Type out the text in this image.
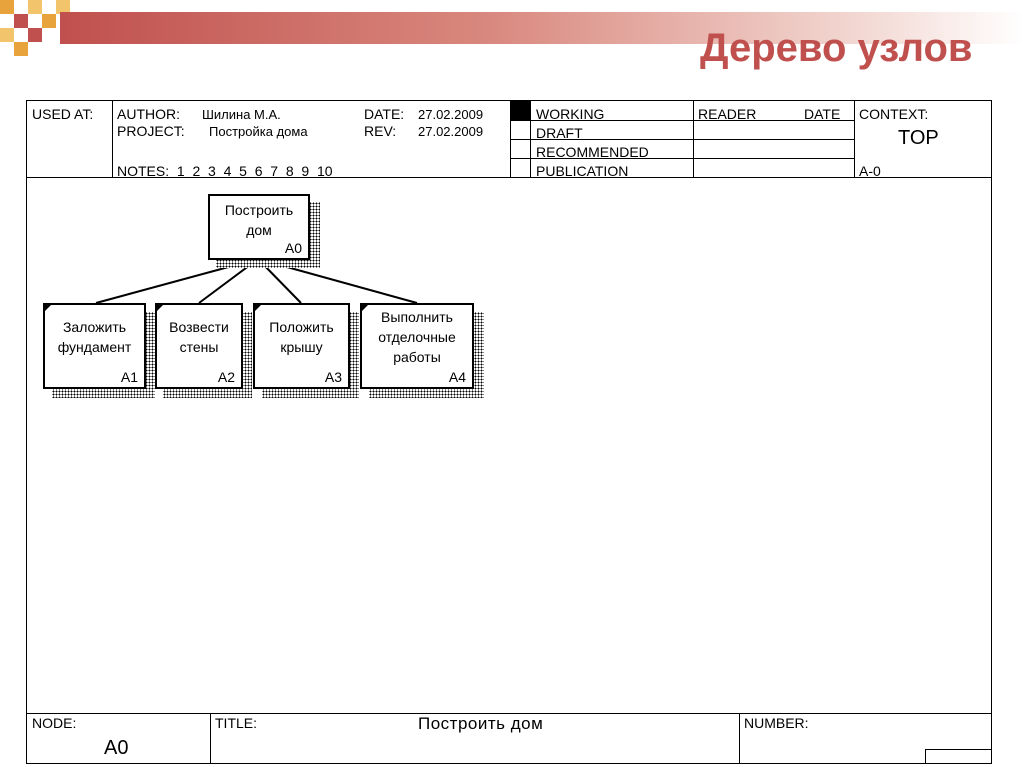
Дерево узлов
USED AT: AUTHOR: Шилина М.А.
PROJECT: Постройка дома
DATE: 27.02.2009
REV: 27.02.2009
NOTES:  1  2  3  4  5  6  7  8  9  10
WORKING
DRAFT
RECOMMENDED
PUBLICATION
READER	DATE CONTEXT:
TOP
A-0
NODE:
A0
TITLE:	Построить дом	NUMBER:
Построить
дом
A0
Заложить
фундамент
A1
Возвести
стены
A2
Положить
крышу
A3
Выполнить
отделочные
работы
A4
